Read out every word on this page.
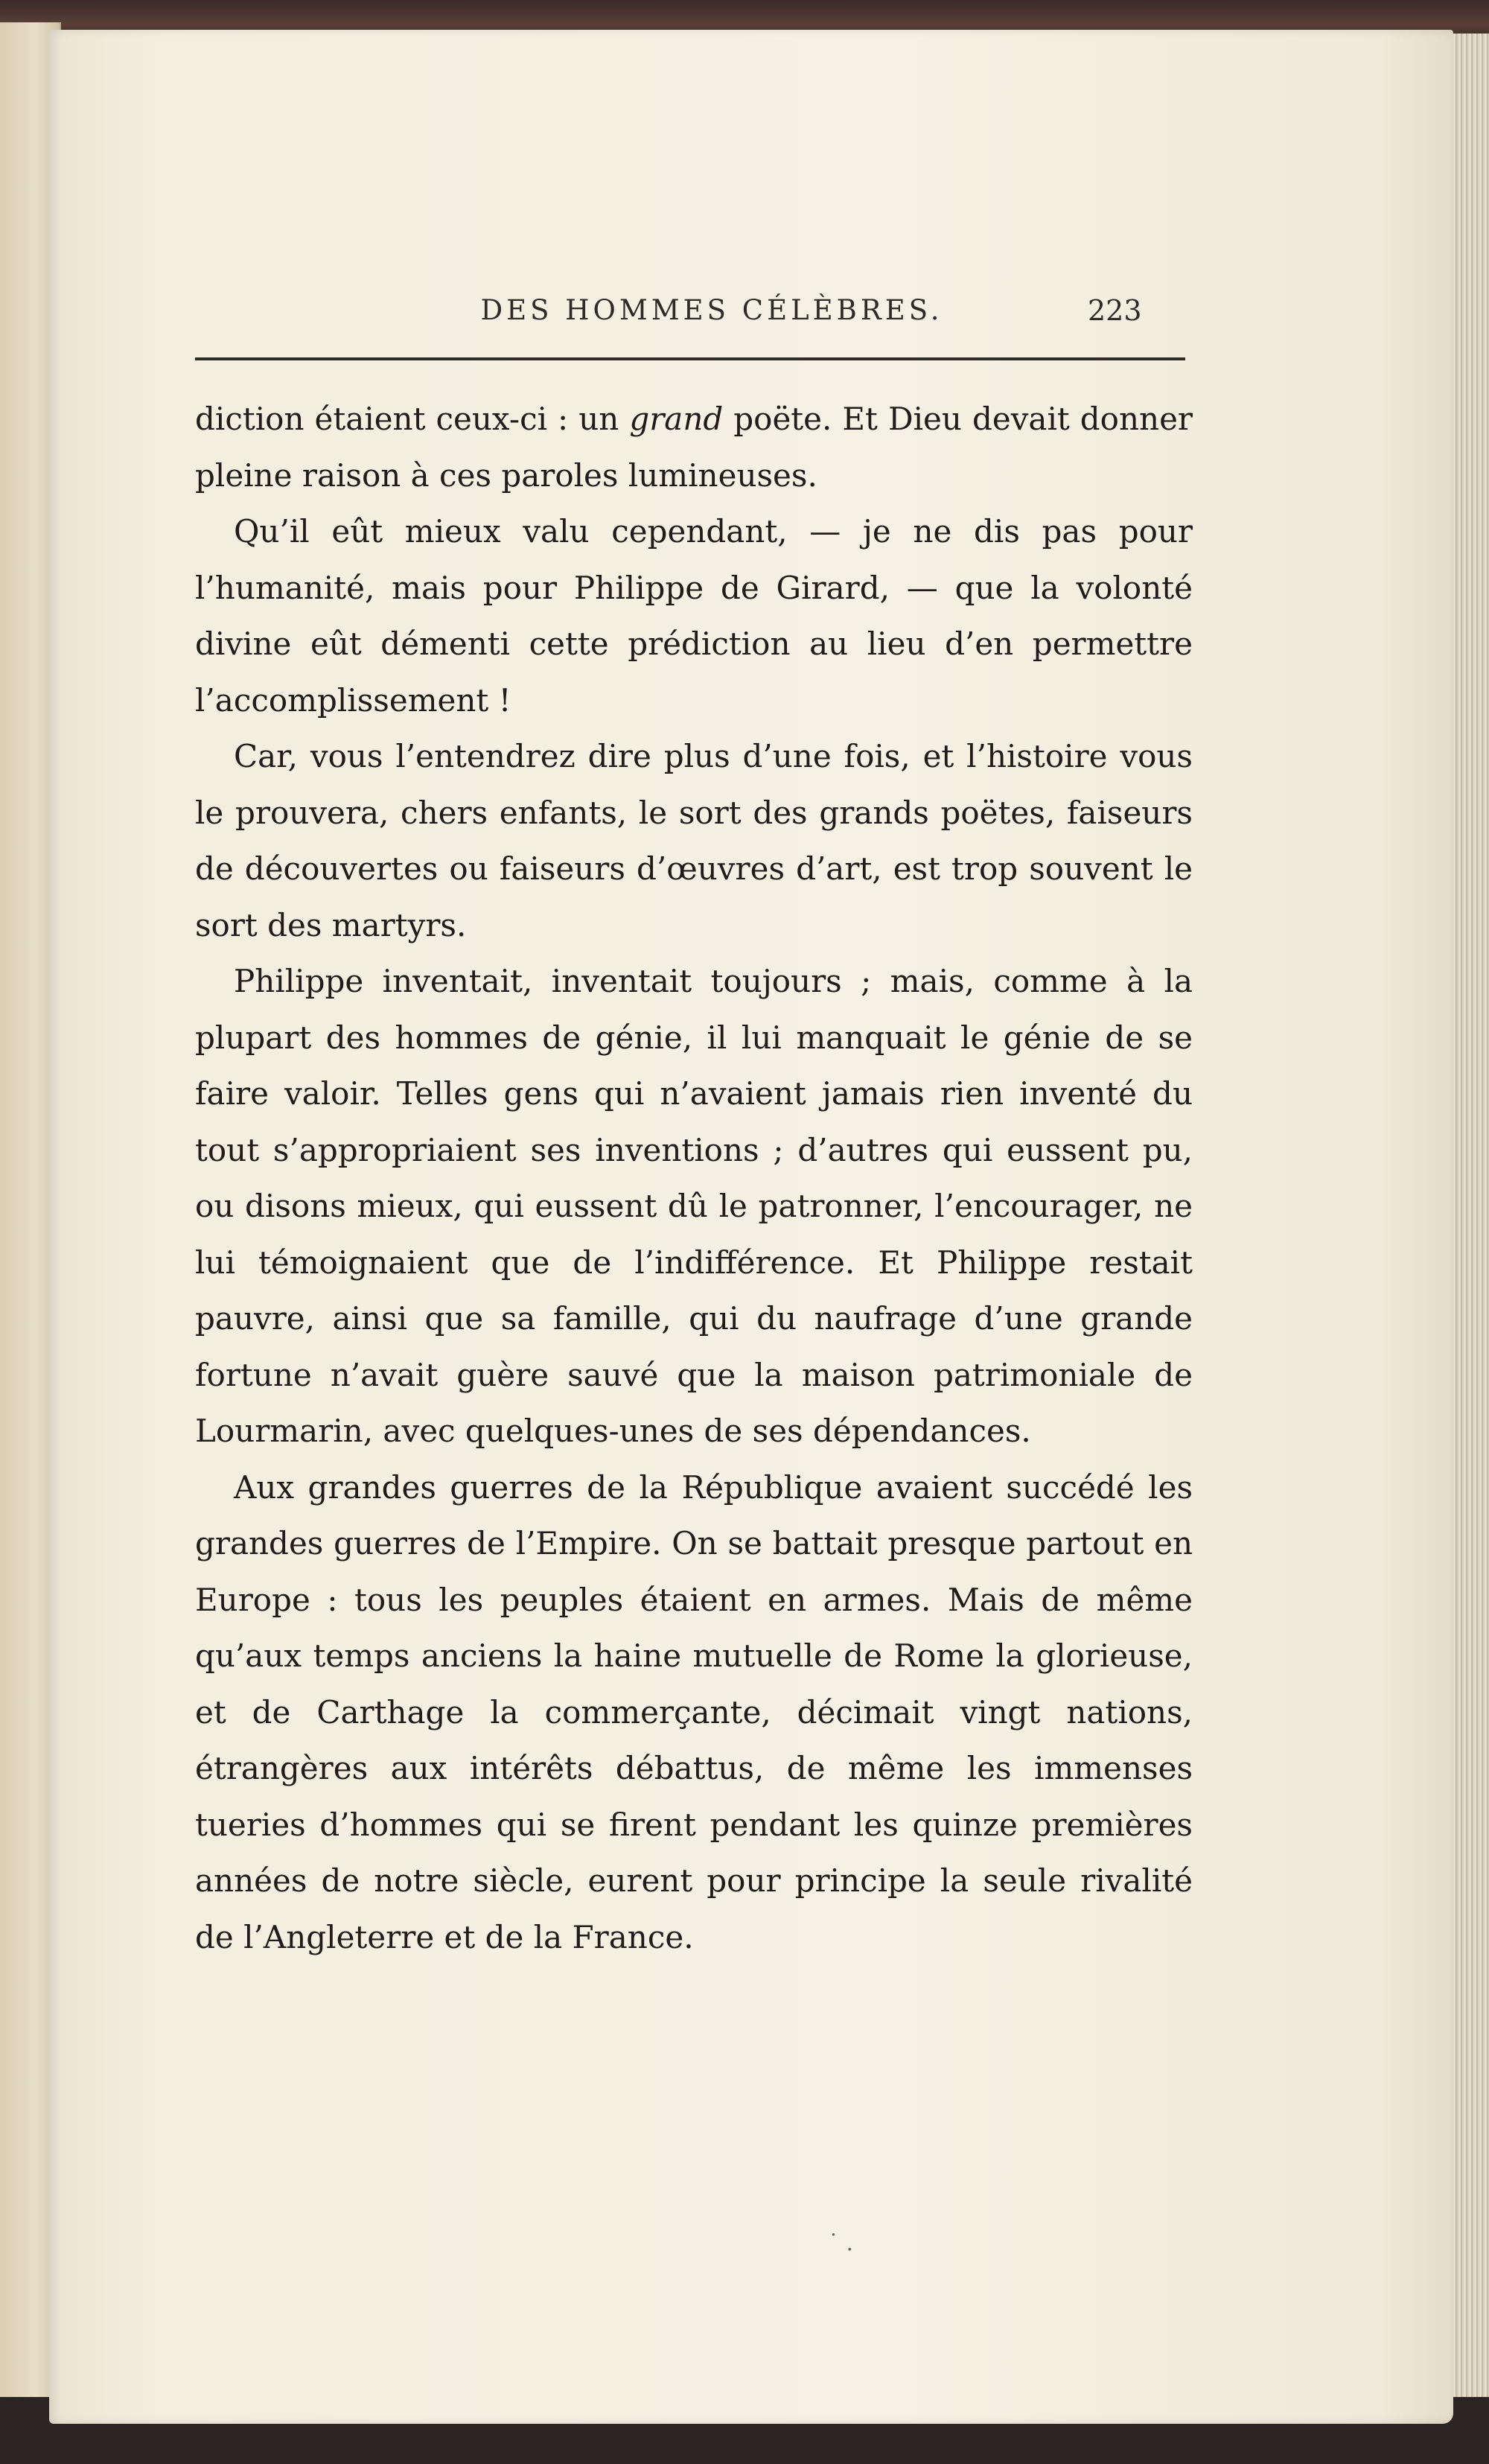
DES HOMMES CÉLÈBRES.	223

diction étaient ceux-ci : un grand poëte. Et Dieu devait donner pleine raison à ces paroles lumineuses.

Qu’il eût mieux valu cependant, — je ne dis pas pour l’humanité, mais pour Philippe de Girard, — que la volonté divine eût démenti cette prédiction au lieu d’en permettre l’accomplissement !

Car, vous l’entendrez dire plus d’une fois, et l’histoire vous le prouvera, chers enfants, le sort des grands poëtes, faiseurs de découvertes ou faiseurs d’œuvres d’art, est trop souvent le sort des martyrs.

Philippe inventait, inventait toujours ; mais, comme à la plupart des hommes de génie, il lui manquait le génie de se faire valoir. Telles gens qui n’avaient jamais rien inventé du tout s’appropriaient ses inventions ; d’autres qui eussent pu, ou disons mieux, qui eussent dû le patronner, l’encourager, ne lui témoignaient que de l’indifférence. Et Philippe restait pauvre, ainsi que sa famille, qui du naufrage d’une grande fortune n’avait guère sauvé que la maison patrimoniale de Lourmarin, avec quelques-unes de ses dépendances.

Aux grandes guerres de la République avaient succédé les grandes guerres de l’Empire. On se battait presque partout en Europe : tous les peuples étaient en armes. Mais de même qu’aux temps anciens la haine mutuelle de Rome la glorieuse, et de Carthage la commerçante, décimait vingt nations, étrangères aux intérêts débattus, de même les immenses tueries d’hommes qui se firent pendant les quinze premières années de notre siècle, eurent pour principe la seule rivalité de l’Angleterre et de la France.

˙ .
